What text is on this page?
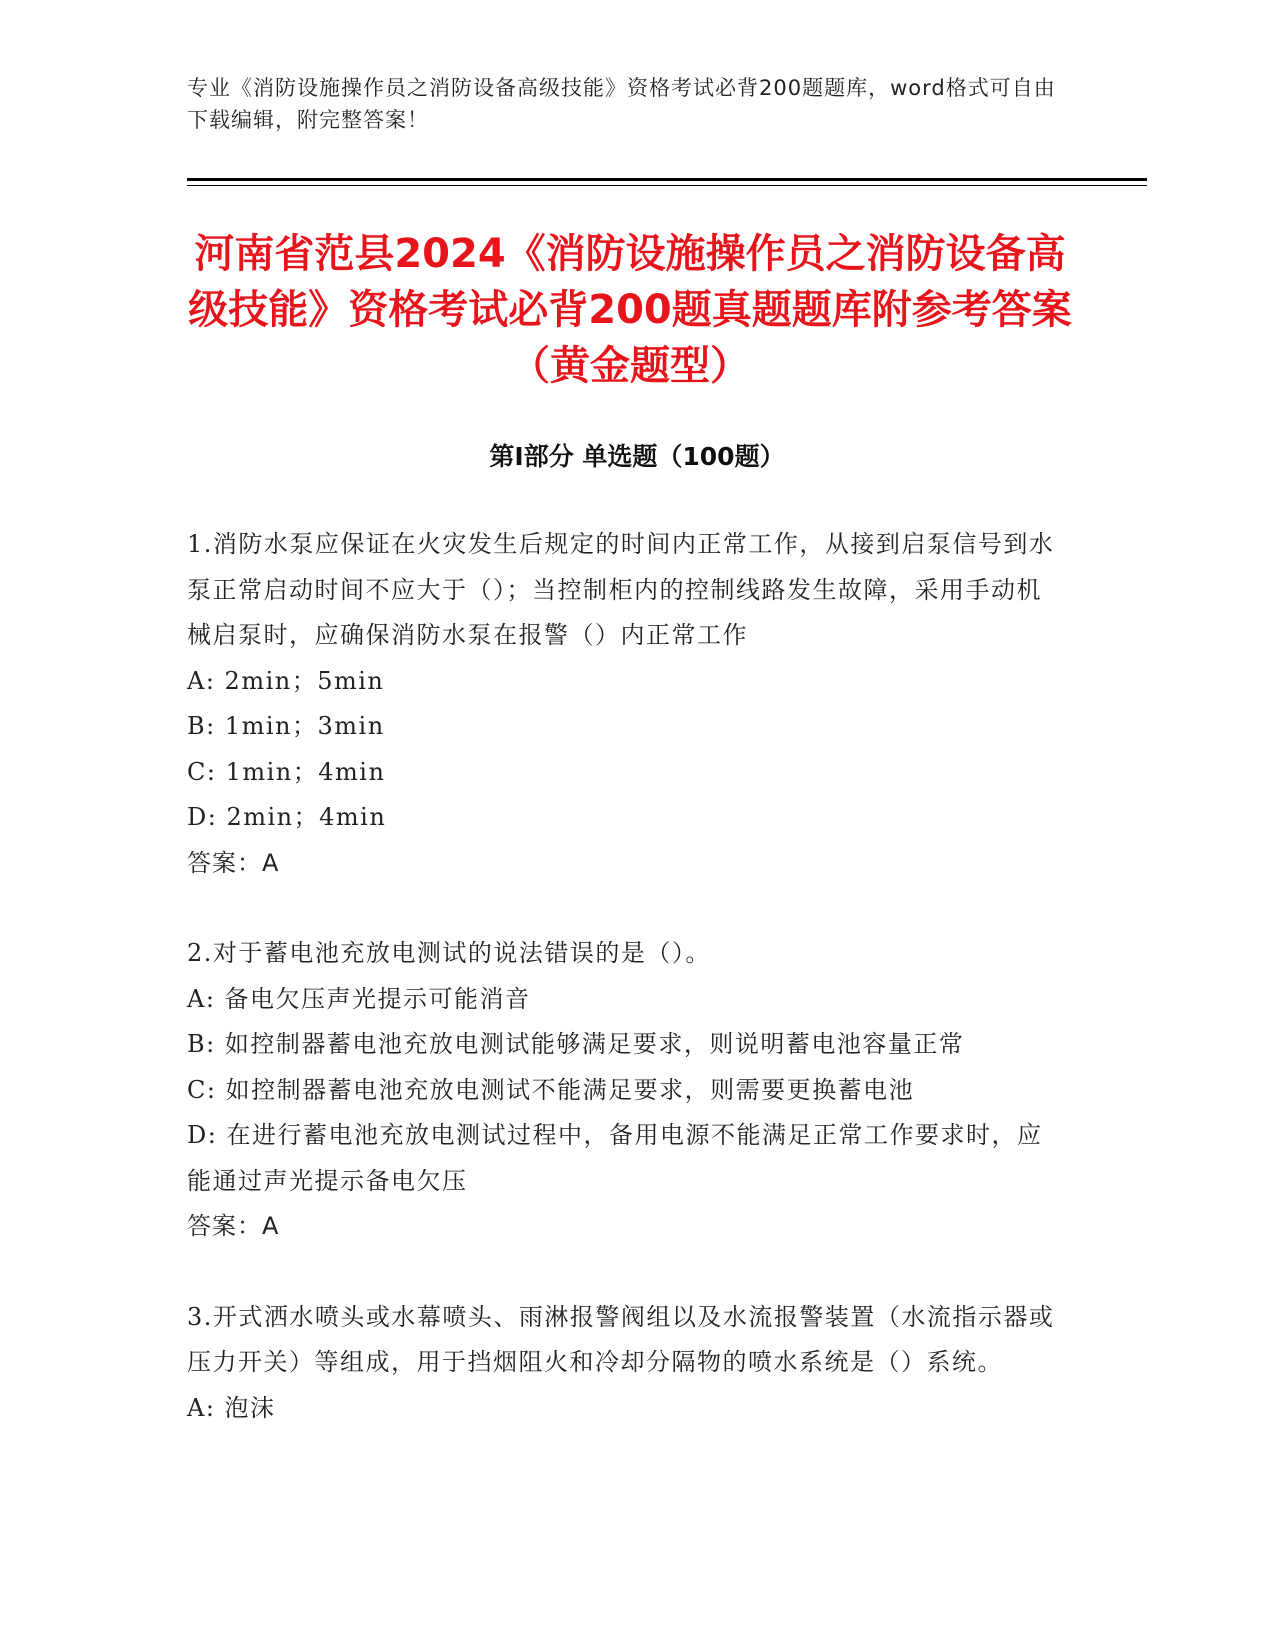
专业《消防设施操作员之消防设备高级技能》资格考试必背200题题库，word格式可自由下载编辑，附完整答案！
河南省范县2024《消防设施操作员之消防设备高级技能》资格考试必背200题真题题库附参考答案（黄金题型）
第Ⅰ部分 单选题（100题）

1.消防水泵应保证在火灾发生后规定的时间内正常工作，从接到启泵信号到水泵正常启动时间不应大于（）；当控制柜内的控制线路发生故障，采用手动机械启泵时，应确保消防水泵在报警（）内正常工作

A: 2min；5min

B: 1min；3min

C: 1min；4min

D: 2min；4min

答案：A

2.对于蓄电池充放电测试的说法错误的是（）。

A: 备电欠压声光提示可能消音

B: 如控制器蓄电池充放电测试能够满足要求，则说明蓄电池容量正常

C: 如控制器蓄电池充放电测试不能满足要求，则需要更换蓄电池

D: 在进行蓄电池充放电测试过程中，备用电源不能满足正常工作要求时，应能通过声光提示备电欠压

答案：A

3.开式洒水喷头或水幕喷头、雨淋报警阀组以及水流报警装置（水流指示器或压力开关）等组成，用于挡烟阻火和冷却分隔物的喷水系统是（）系统。

A: 泡沫
